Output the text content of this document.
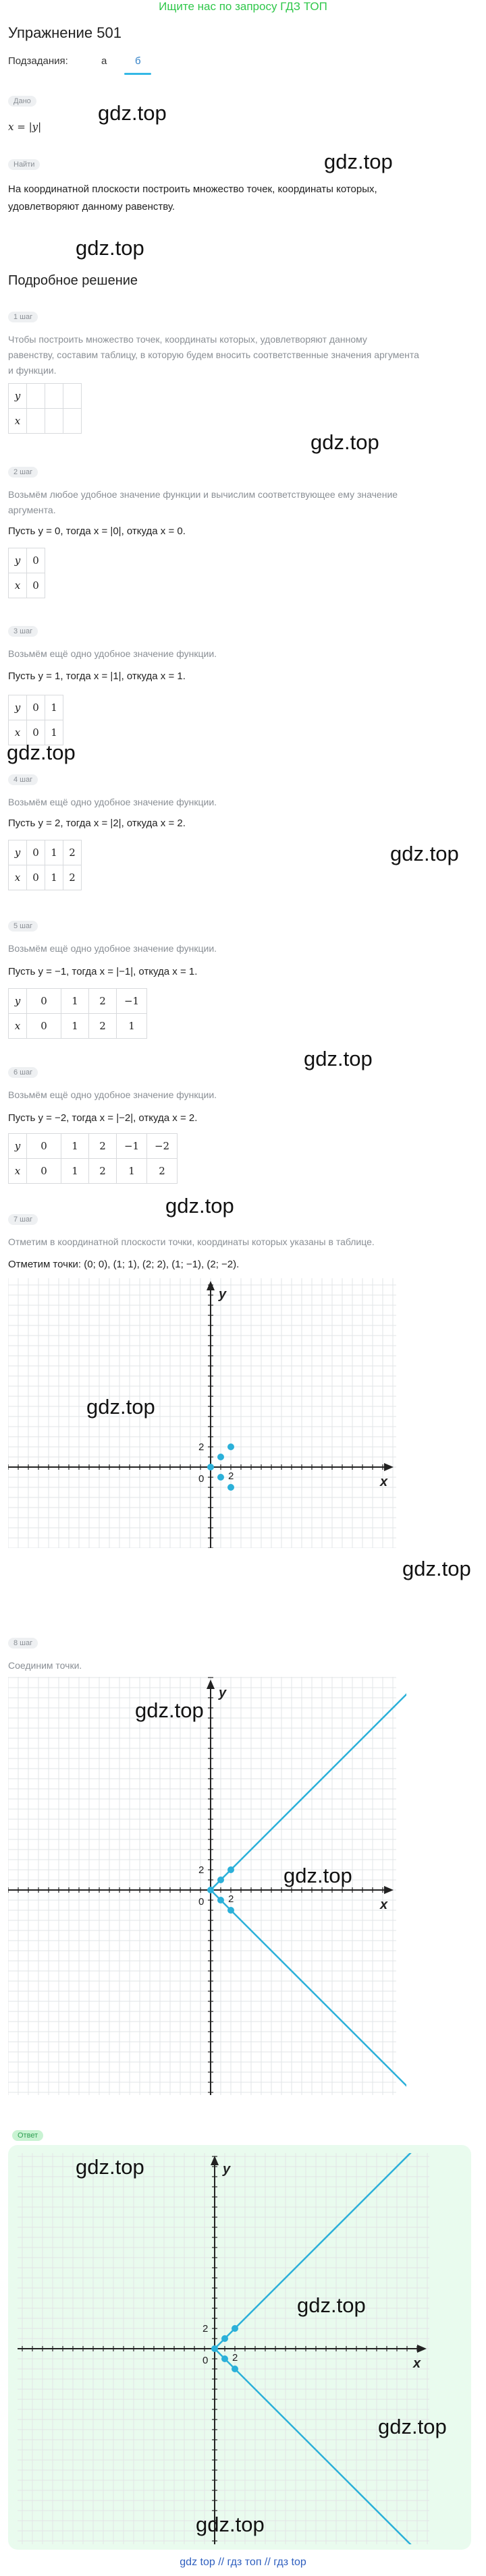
Ищите нас по запросу ГДЗ ТОП
Упражнение 501
Подзадания:	а	б
Дано
x = |y|
gdz.top
Найти	gdz.top
На координатной плоскости построить множество точек, координаты которых,
удовлетворяют данному равенству.
gdz.top
Подробное решение
1 шаг
Чтобы построить множество точек, координаты которых, удовлетворяют данному
равенству, составим таблицу, в которую будем вносить соответственные значения аргумента
и функции.
y			
x			
gdz.top
2 шаг
Возьмём любое удобное значение функции и вычислим соответствующее ему значение
аргумента.
Пусть y = 0, тогда x = |0|, откуда x = 0.
y	0
x	0
3 шаг
Возьмём ещё одно удобное значение функции.
Пусть y = 1, тогда x = |1|, откуда x = 1.
y	0	1
x	0	1
gdz.top
4 шаг
Возьмём ещё одно удобное значение функции.
Пусть y = 2, тогда x = |2|, откуда x = 2.
gdz.top
y	0	1	2
x	0	1	2
5 шаг
Возьмём ещё одно удобное значение функции.
Пусть y = −1, тогда x = |−1|, откуда x = 1.
y	0	1	2	−1
x	0	1	2	1
gdz.top
6 шаг
Возьмём ещё одно удобное значение функции.
Пусть y = −2, тогда x = |−2|, откуда x = 2.
y	0	1	2	−1	−2
x	0	1	2	1	2
gdz.top
7 шаг
Отметим в координатной плоскости точки, координаты которых указаны в таблице.
Отметим точки: (0; 0), (1; 1), (2; 2), (1; −1), (2; −2).
x
y
0 2
2
gdz.top
gdz.top
8 шаг
Соединим точки.
x
y
0 2
2
gdz.top
gdz.top
Ответ
x
y
0 2
2
gdz.top
gdz.top
gdz.top
gdz.top
gdz top // гдз топ // гдз top
